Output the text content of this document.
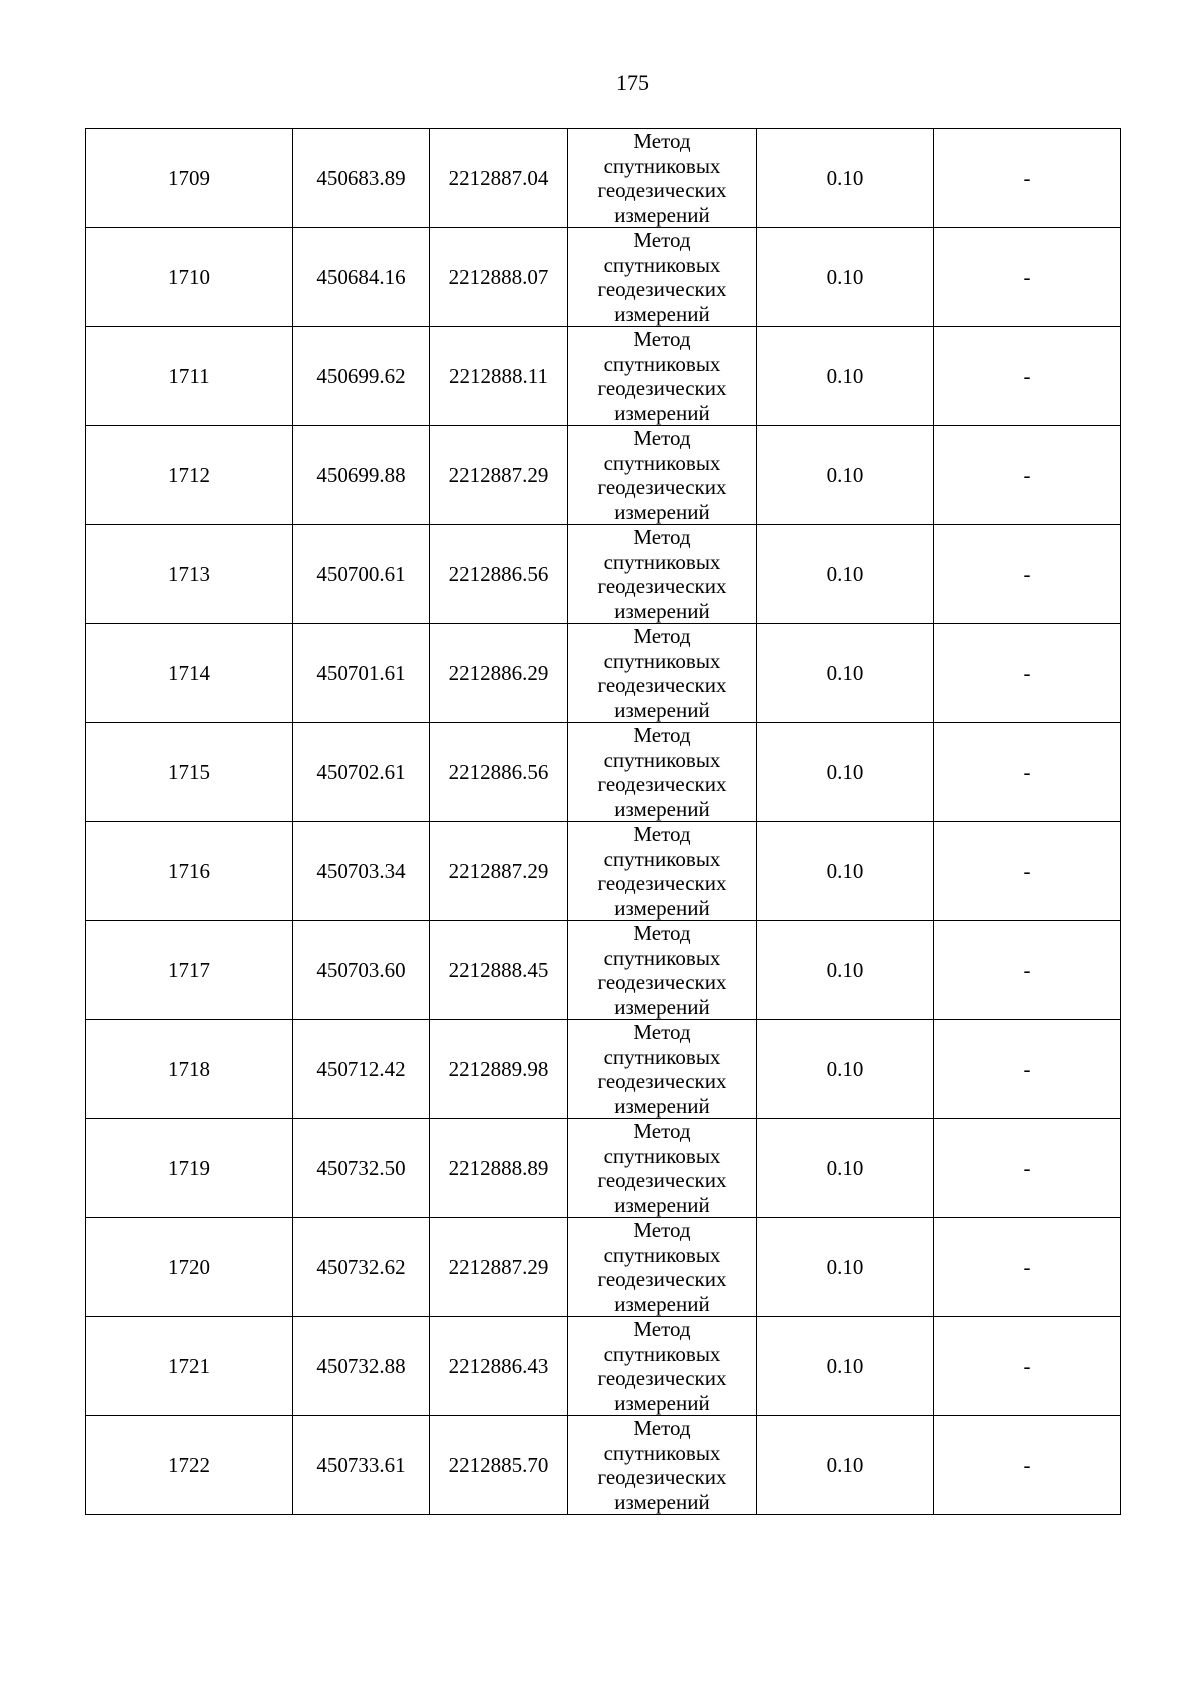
175
1709	450683.89	2212887.04	Метод
спутниковых
геодезических
измерений	0.10	-
1710	450684.16	2212888.07	Метод
спутниковых
геодезических
измерений	0.10	-
1711	450699.62	2212888.11	Метод
спутниковых
геодезических
измерений	0.10	-
1712	450699.88	2212887.29	Метод
спутниковых
геодезических
измерений	0.10	-
1713	450700.61	2212886.56	Метод
спутниковых
геодезических
измерений	0.10	-
1714	450701.61	2212886.29	Метод
спутниковых
геодезических
измерений	0.10	-
1715	450702.61	2212886.56	Метод
спутниковых
геодезических
измерений	0.10	-
1716	450703.34	2212887.29	Метод
спутниковых
геодезических
измерений	0.10	-
1717	450703.60	2212888.45	Метод
спутниковых
геодезических
измерений	0.10	-
1718	450712.42	2212889.98	Метод
спутниковых
геодезических
измерений	0.10	-
1719	450732.50	2212888.89	Метод
спутниковых
геодезических
измерений	0.10	-
1720	450732.62	2212887.29	Метод
спутниковых
геодезических
измерений	0.10	-
1721	450732.88	2212886.43	Метод
спутниковых
геодезических
измерений	0.10	-
1722	450733.61	2212885.70	Метод
спутниковых
геодезических
измерений	0.10	-
